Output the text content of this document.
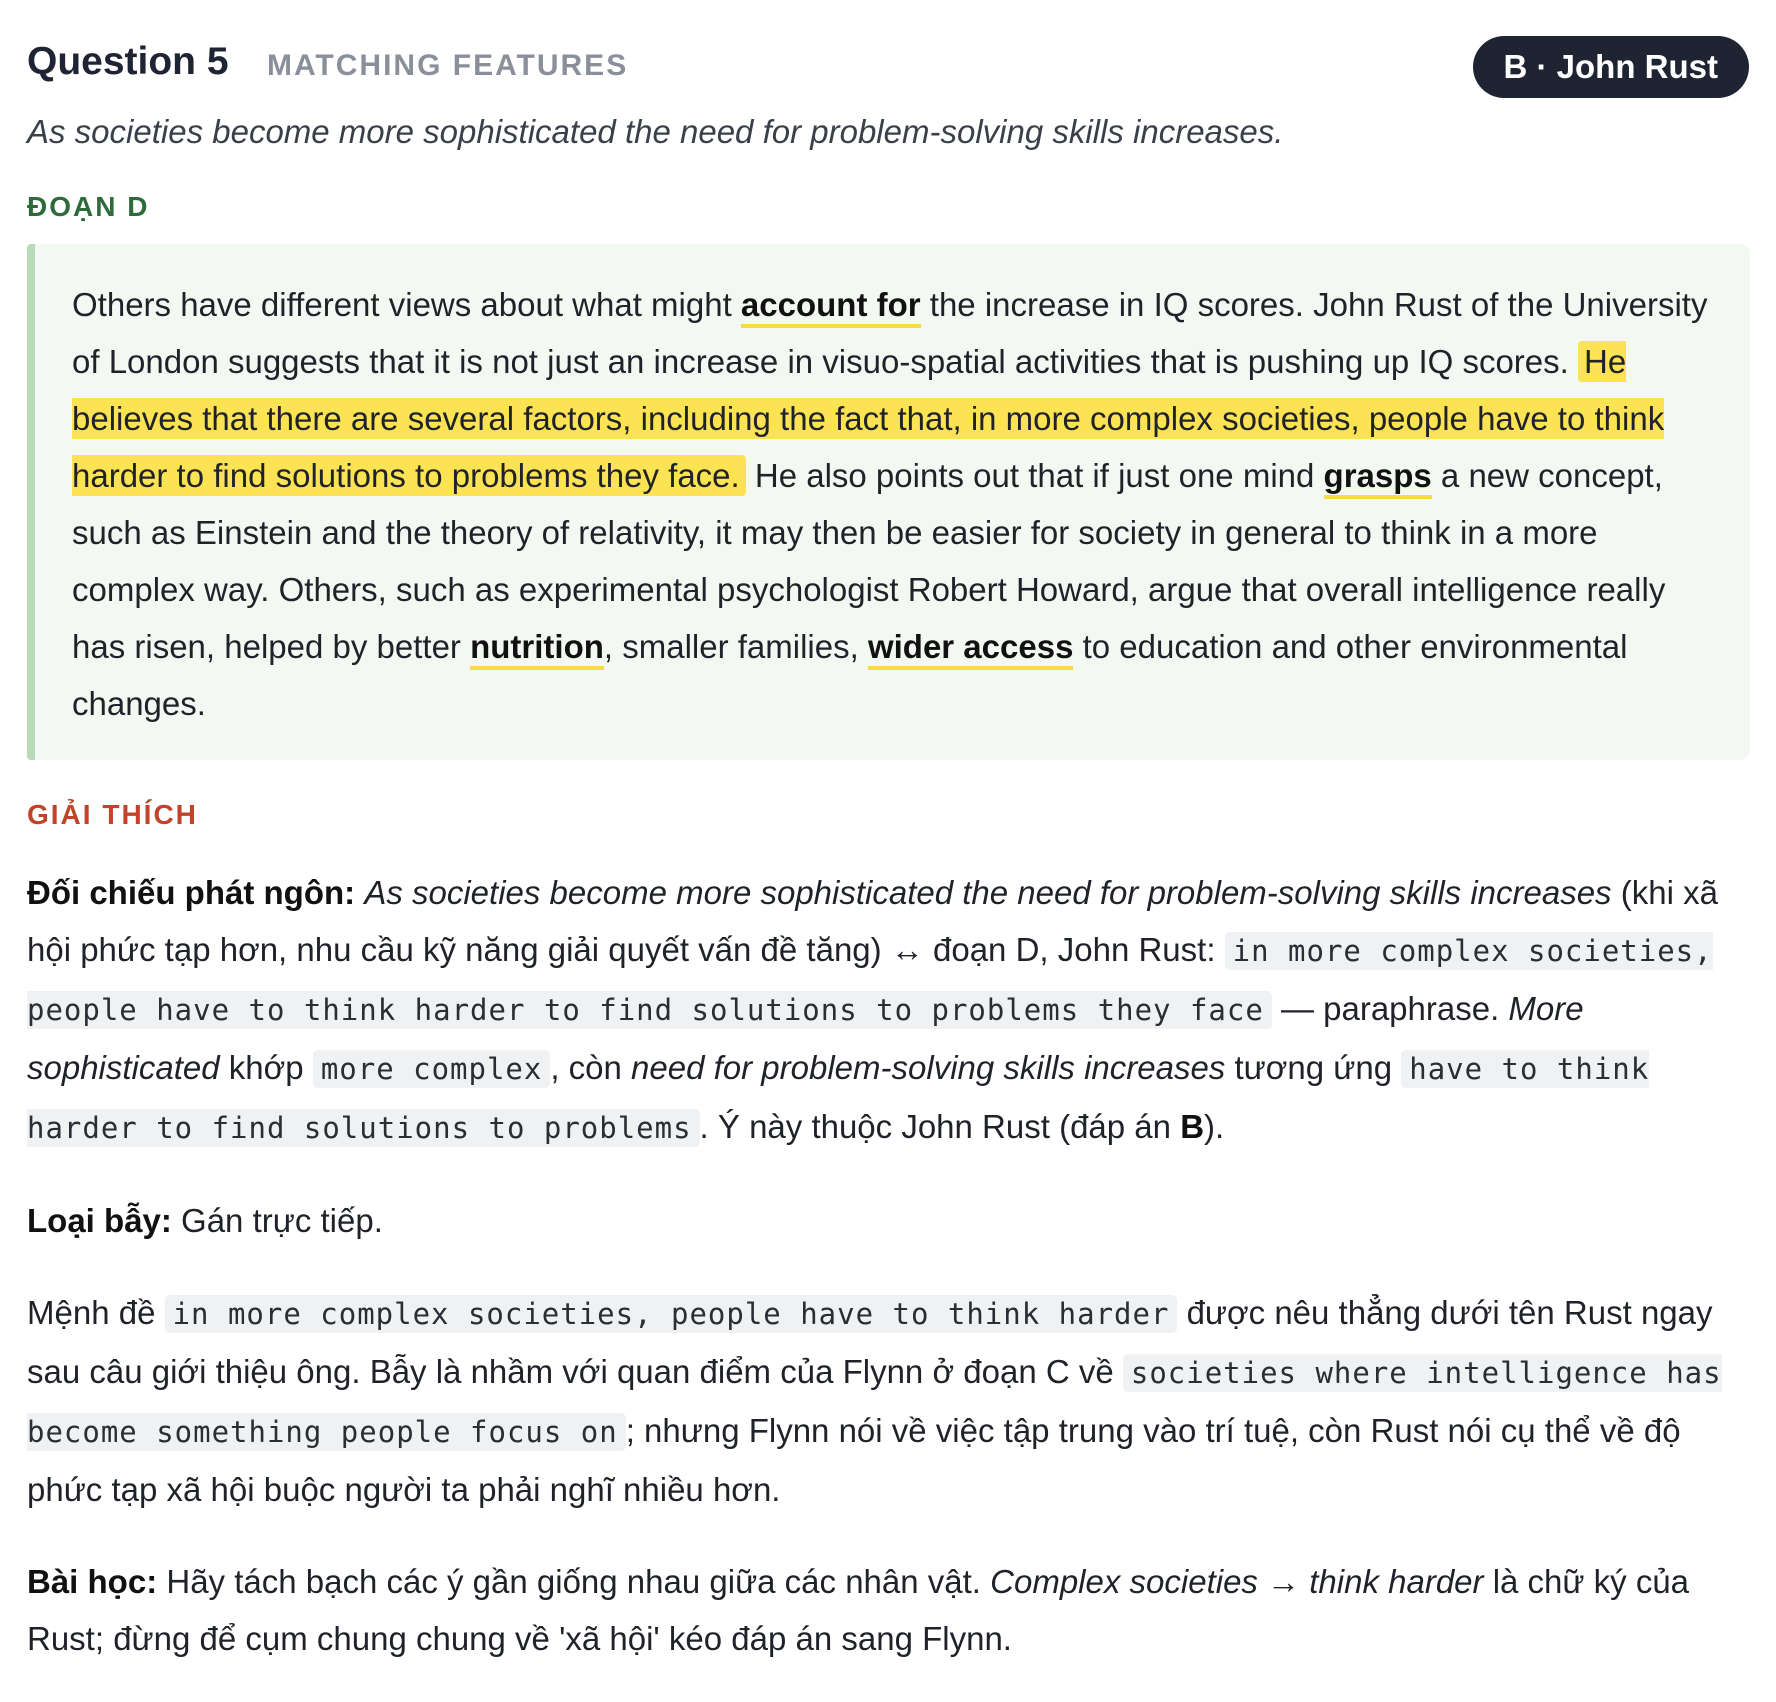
Question 5 MATCHING FEATURES	B · John Rust
As societies become more sophisticated the need for problem-solving skills increases.
ĐOẠN D
Others have different views about what might account for the increase in IQ scores. John Rust of the University of London suggests that it is not just an increase in visuo-spatial activities that is pushing up IQ scores. He believes that there are several factors, including the fact that, in more complex societies, people have to think harder to find solutions to problems they face. He also points out that if just one mind grasps a new concept, such as Einstein and the theory of relativity, it may then be easier for society in general to think in a more complex way. Others, such as experimental psychologist Robert Howard, argue that overall intelligence really has risen, helped by better nutrition, smaller families, wider access to education and other environmental changes.
GIẢI THÍCH

Đối chiếu phát ngôn: As societies become more sophisticated the need for problem-solving skills increases (khi xã hội phức tạp hơn, nhu cầu kỹ năng giải quyết vấn đề tăng) ↔ đoạn D, John Rust: in more complex societies, people have to think harder to find solutions to problems they face — paraphrase. More sophisticated khớp more complex , còn need for problem-solving skills increases tương ứng have to think harder to find solutions to problems . Ý này thuộc John Rust (đáp án B).

Loại bẫy: Gán trực tiếp.

Mệnh đề in more complex societies, people have to think harder được nêu thẳng dưới tên Rust ngay sau câu giới thiệu ông. Bẫy là nhầm với quan điểm của Flynn ở đoạn C về societies where intelligence has become something people focus on ; nhưng Flynn nói về việc tập trung vào trí tuệ, còn Rust nói cụ thể về độ phức tạp xã hội buộc người ta phải nghĩ nhiều hơn.

Bài học: Hãy tách bạch các ý gần giống nhau giữa các nhân vật. Complex societies → think harder là chữ ký của Rust; đừng để cụm chung chung về 'xã hội' kéo đáp án sang Flynn.
